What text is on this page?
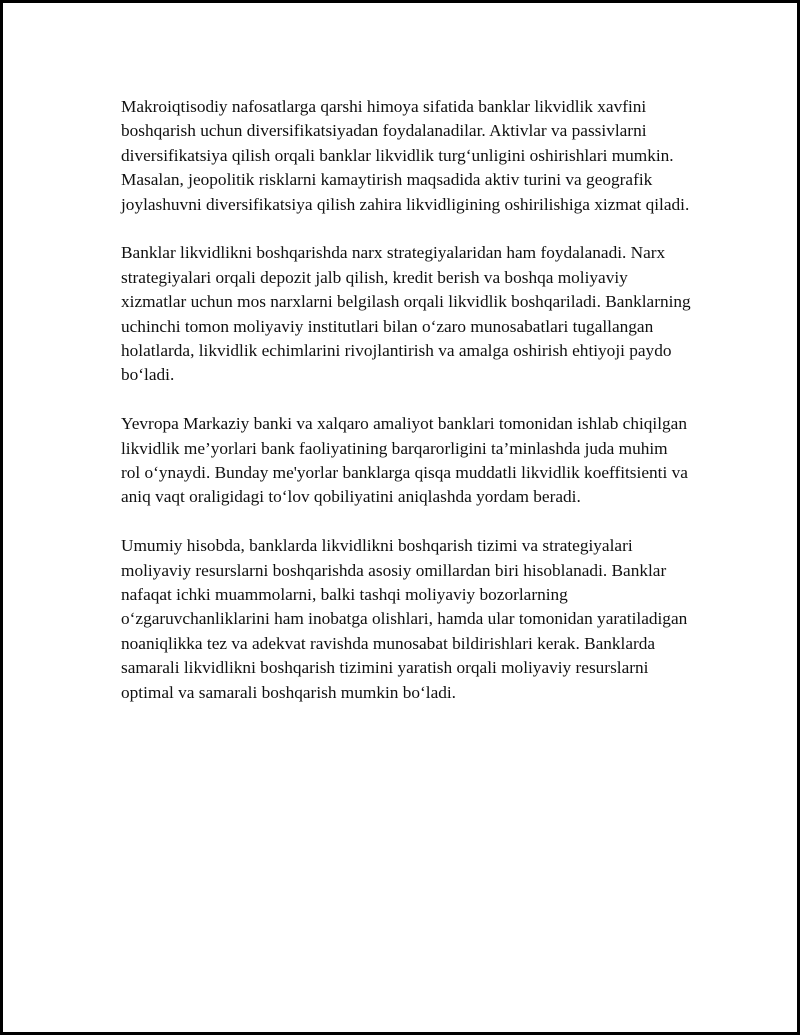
Makroiqtisodiy nafosatlarga qarshi himoya sifatida banklar likvidlik xavfini boshqarish uchun diversifikatsiyadan foydalanadilar. Aktivlar va passivlarni diversifikatsiya qilish orqali banklar likvidlik turg‘unligini oshirishlari mumkin. Masalan, jeopolitik risklarni kamaytirish maqsadida aktiv turini va geografik joylashuvni diversifikatsiya qilish zahira likvidligining oshirilishiga xizmat qiladi.

Banklar likvidlikni boshqarishda narx strategiyalaridan ham foydalanadi. Narx strategiyalari orqali depozit jalb qilish, kredit berish va boshqa moliyaviy xizmatlar uchun mos narxlarni belgilash orqali likvidlik boshqariladi. Banklarning uchinchi tomon moliyaviy institutlari bilan o‘zaro munosabatlari tugallangan holatlarda, likvidlik echimlarini rivojlantirish va amalga oshirish ehtiyoji paydo bo‘ladi.

Yevropa Markaziy banki va xalqaro amaliyot banklari tomonidan ishlab chiqilgan likvidlik me’yorlari bank faoliyatining barqarorligini ta’minlashda juda muhim rol o‘ynaydi. Bunday me'yorlar banklarga qisqa muddatli likvidlik koeffitsienti va aniq vaqt oraligidagi to‘lov qobiliyatini aniqlashda yordam beradi.

Umumiy hisobda, banklarda likvidlikni boshqarish tizimi va strategiyalari moliyaviy resurslarni boshqarishda asosiy omillardan biri hisoblanadi. Banklar nafaqat ichki muammolarni, balki tashqi moliyaviy bozorlarning o‘zgaruvchanliklarini ham inobatga olishlari, hamda ular tomonidan yaratiladigan noaniqlikka tez va adekvat ravishda munosabat bildirishlari kerak. Banklarda samarali likvidlikni boshqarish tizimini yaratish orqali moliyaviy resurslarni optimal va samarali boshqarish mumkin bo‘ladi.
